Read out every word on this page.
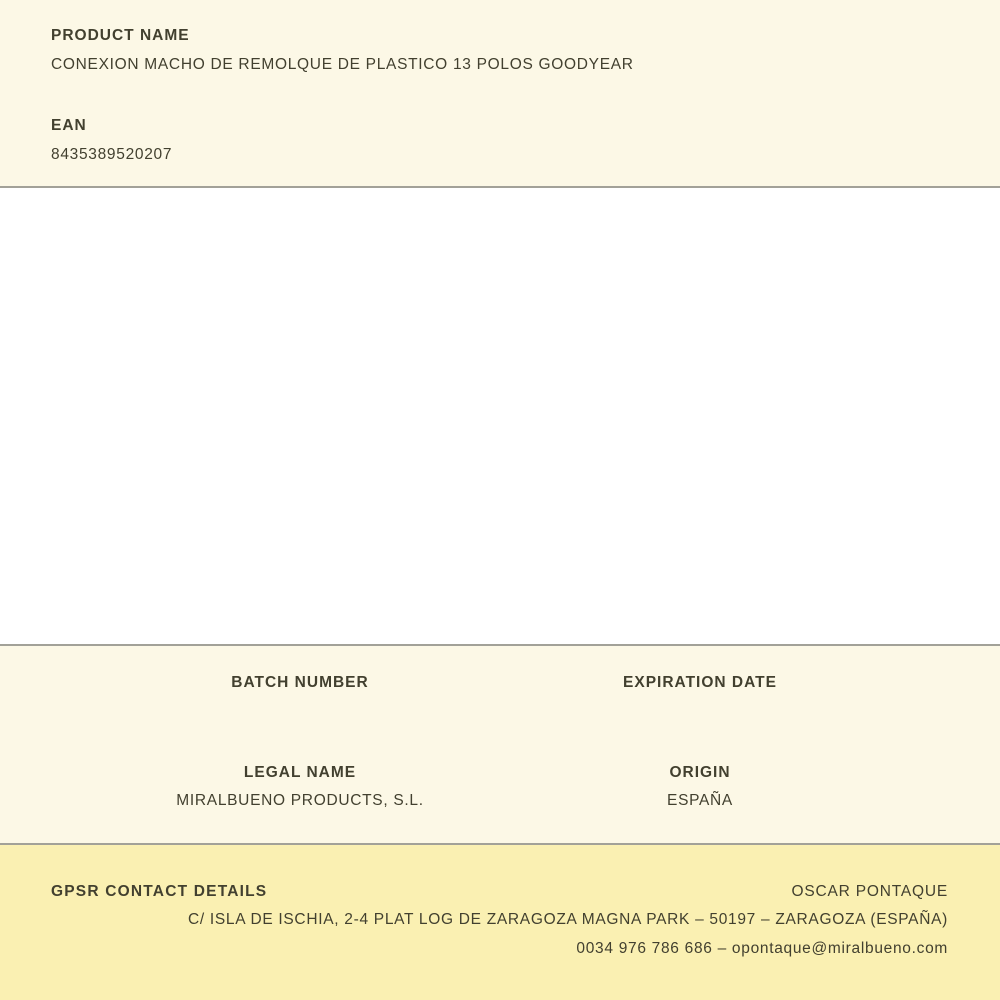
PRODUCT NAME
CONEXION MACHO DE REMOLQUE DE PLASTICO 13 POLOS GOODYEAR
EAN
8435389520207
BATCH NUMBER	EXPIRATION DATE
LEGAL NAME
MIRALBUENO PRODUCTS, S.L.
ORIGIN
ESPAÑA
GPSR CONTACT DETAILS	OSCAR PONTAQUE
C/ ISLA DE ISCHIA, 2-4 PLAT LOG DE ZARAGOZA MAGNA PARK – 50197 – ZARAGOZA (ESPAÑA)
0034 976 786 686 – opontaque@miralbueno.com
